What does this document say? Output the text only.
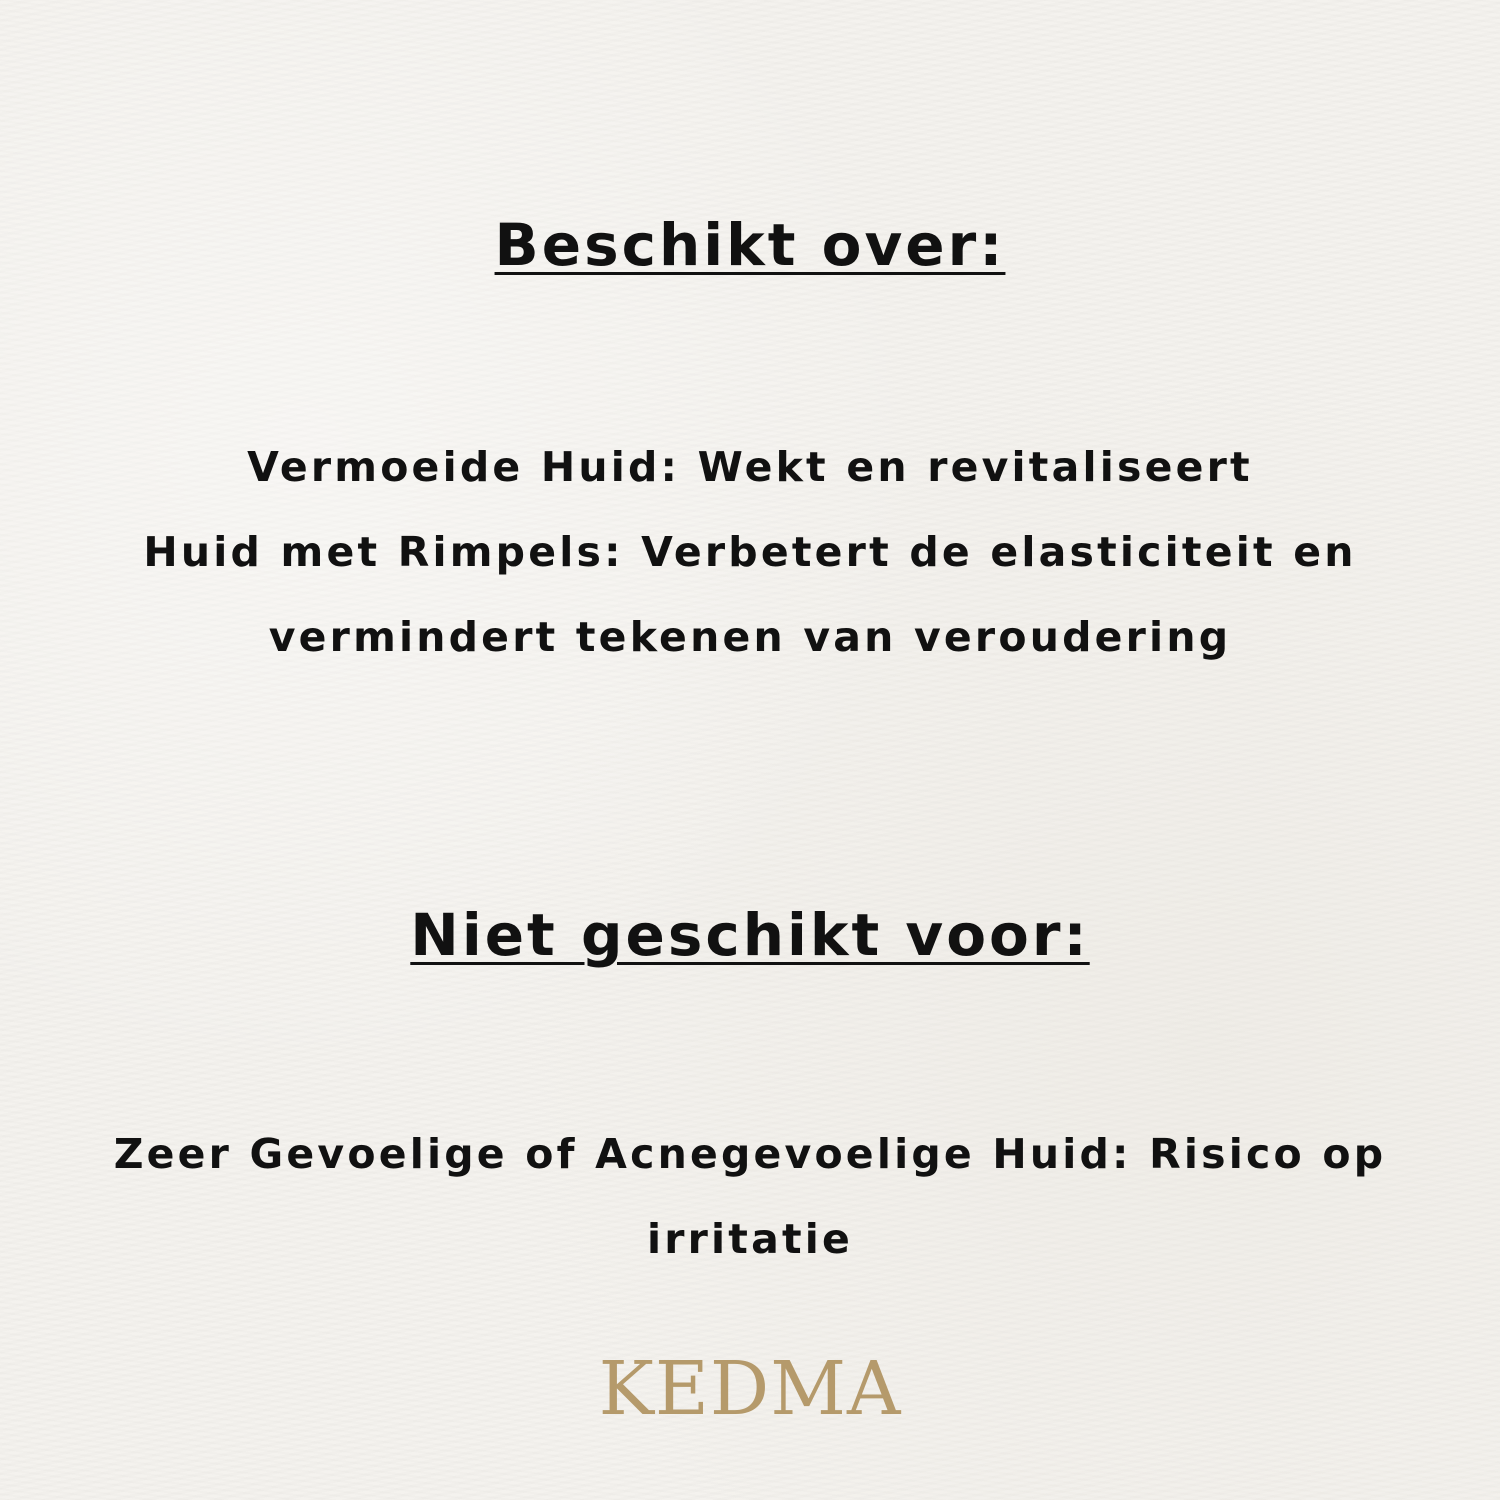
Beschikt over:
Vermoeide Huid: Wekt en revitaliseert
Huid met Rimpels: Verbetert de elasticiteit en
vermindert tekenen van veroudering
Niet geschikt voor:
Zeer Gevoelige of Acnegevoelige Huid: Risico op
irritatie
KEDMA
